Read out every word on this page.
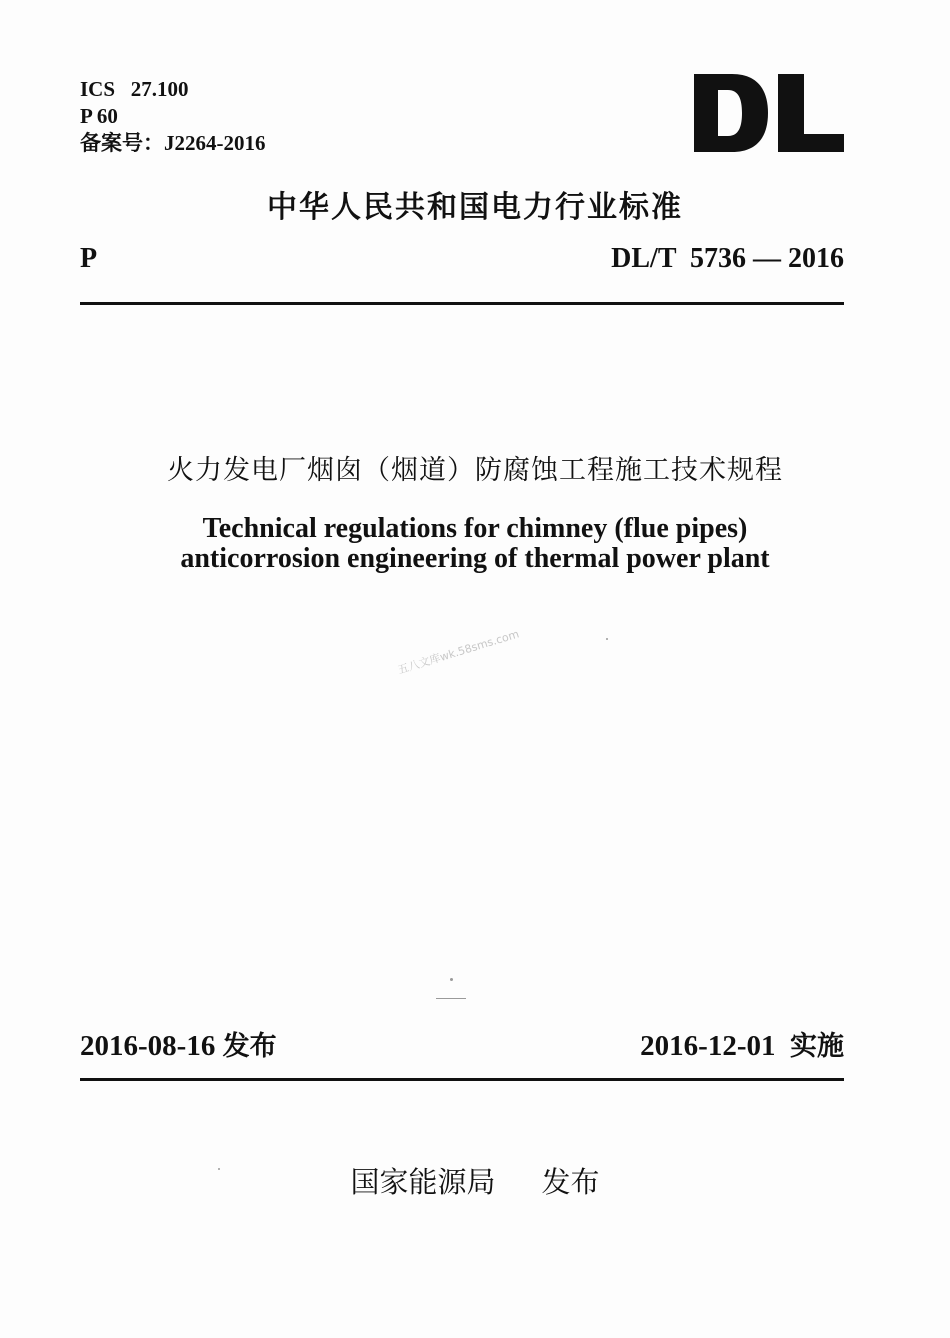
ICS 27.100
P 60
备案号：J2264-2016
中华人民共和国电力行业标准
P	DL/T  5736 — 2016
火力发电厂烟囱（烟道）防腐蚀工程施工技术规程
Technical regulations for chimney (flue pipes)
anticorrosion engineering of thermal power plant
五八文库wk.58sms.com
2016-08-16 发布	2016-12-01 实施
国家能源局 发布
